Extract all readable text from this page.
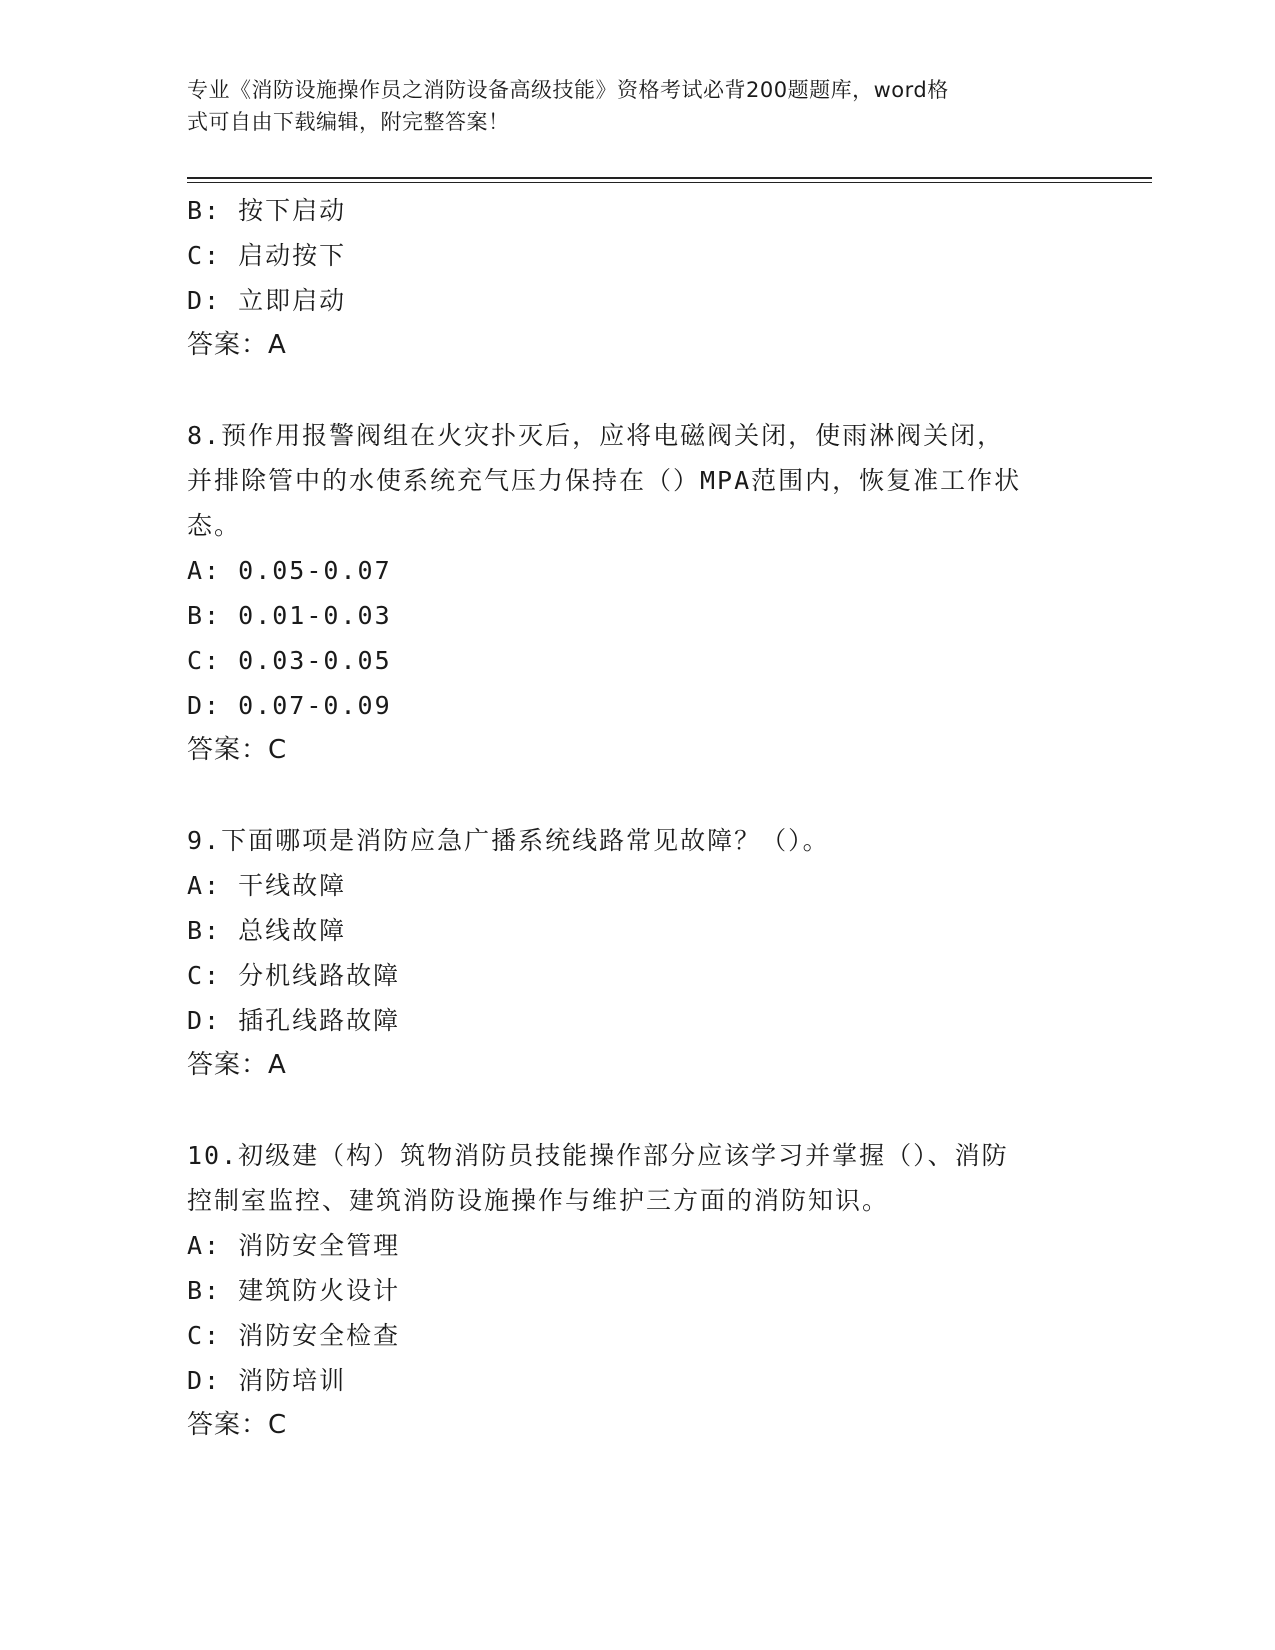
专业《消防设施操作员之消防设备高级技能》资格考试必背200题题库，word格
式可自由下载编辑，附完整答案！
B: 按下启动
C: 启动按下
D: 立即启动
答案：A
8.预作用报警阀组在火灾扑灭后，应将电磁阀关闭，使雨淋阀关闭，
并排除管中的水使系统充气压力保持在（）MPA范围内，恢复准工作状
态。
A: 0.05-0.07
B: 0.01-0.03
C: 0.03-0.05
D: 0.07-0.09
答案：C
9.下面哪项是消防应急广播系统线路常见故障？（）。
A: 干线故障
B: 总线故障
C: 分机线路故障
D: 插孔线路故障
答案：A
10.初级建（构）筑物消防员技能操作部分应该学习并掌握（）、消防
控制室监控、建筑消防设施操作与维护三方面的消防知识。
A: 消防安全管理
B: 建筑防火设计
C: 消防安全检查
D: 消防培训
答案：C
